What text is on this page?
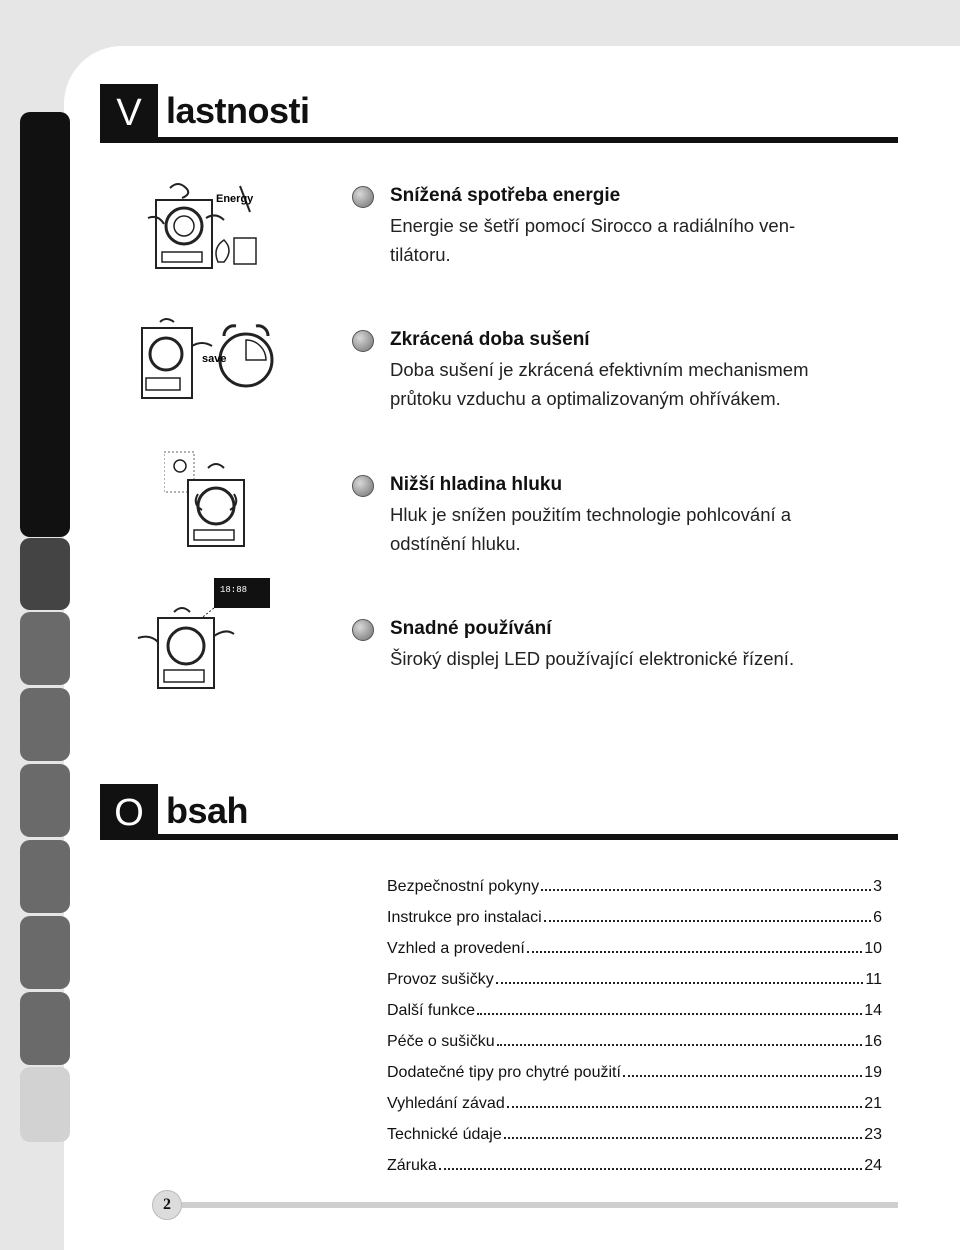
V lastnosti
Energy	Snížená spotřeba energie
Energie se šetří pomocí Sirocco a radiálního ven-tilátoru.
save
Zkrácená doba sušení
Doba sušení je zkrácená efektivním mechanismem průtoku vzduchu a optimalizovaným ohřívákem.
Nižší hladina hluku
Hluk je snížen použitím technologie pohlcování a odstínění hluku.
18:88
Snadné používání
Široký displej LED používající elektronické řízení.
O bsah
Bezpečnostní pokyny	3
Instrukce pro instalaci	6
Vzhled a provedení	10
Provoz sušičky	11
Další funkce	14
Péče o sušičku	16
Dodatečné tipy pro chytré použití	19
Vyhledání závad	21
Technické údaje	23
Záruka	24
2
